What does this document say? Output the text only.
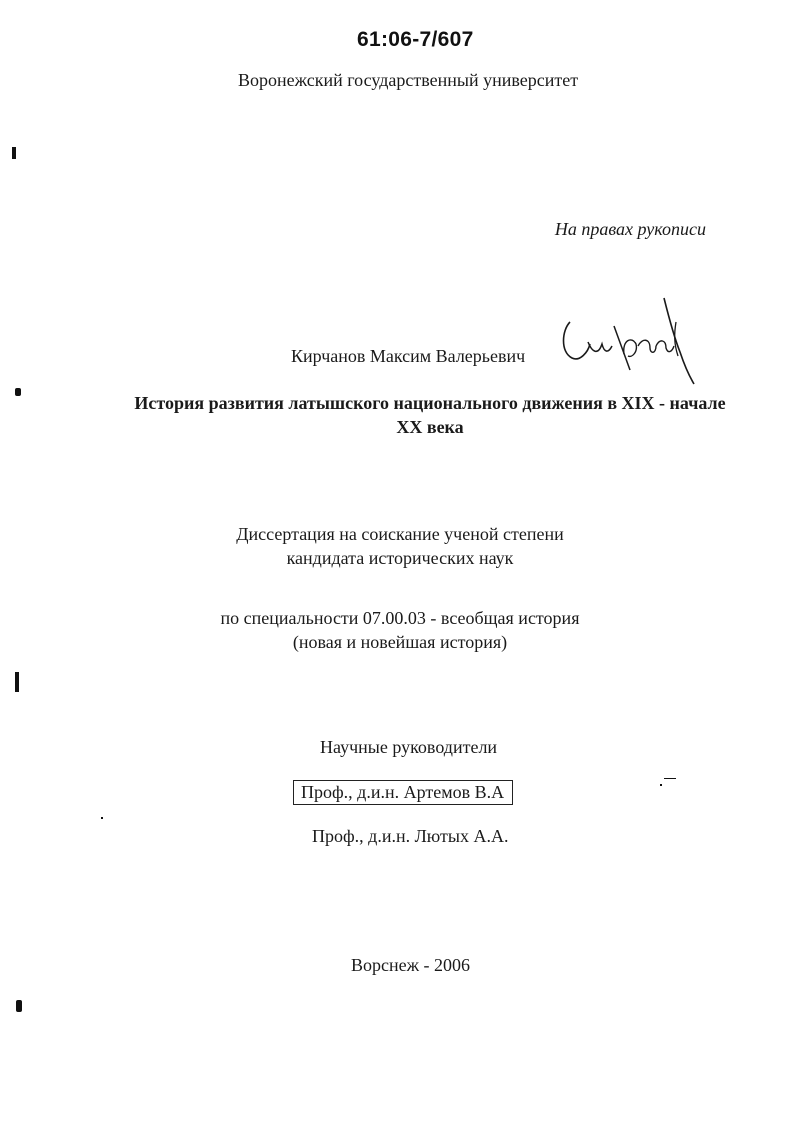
61:06-7/607
Воронежский государственный университет
На правах рукописи
Кирчанов Максим Валерьевич
История развития латышского национального движения в XIX - начале
XX века
Диссертация на соискание ученой степени
кандидата исторических наук
по специальности 07.00.03 - всеобщая история
(новая и новейшая история)
Научные руководители
Проф., д.и.н. Артемов В.А
Проф., д.и.н. Лютых А.А.
Ворснеж - 2006
